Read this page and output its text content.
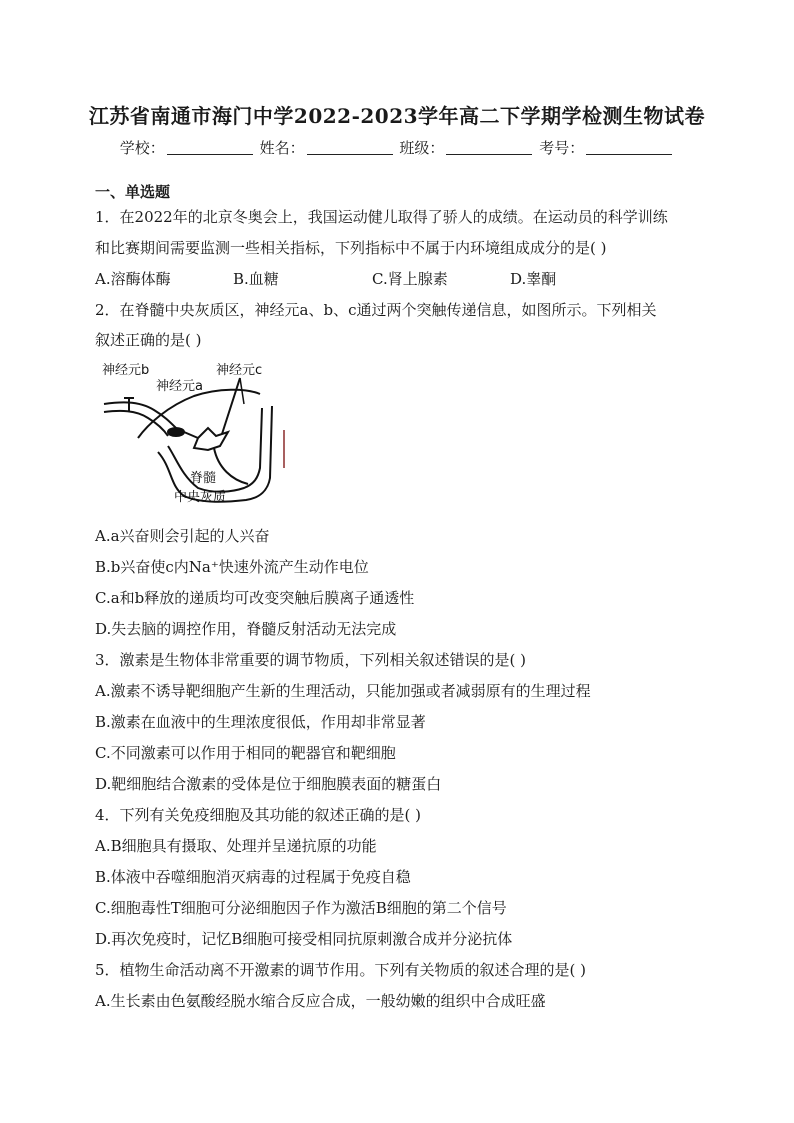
江苏省南通市海门中学2022-2023学年高二下学期学检测生物试卷
学校：	姓名：	班级：	考号：
一、单选题
1．在2022年的北京冬奥会上，我国运动健儿取得了骄人的成绩。在运动员的科学训练
和比赛期间需要监测一些相关指标，下列指标中不属于内环境组成成分的是( )
A.溶酶体酶	B.血糖	C.肾上腺素	D.睾酮
2．在脊髓中央灰质区，神经元a、b、c通过两个突触传递信息，如图所示。下列相关
叙述正确的是( )
神经元b
神经元a
神经元c
脊髓
中央灰质
A.a兴奋则会引起的人兴奋
B.b兴奋使c内Na⁺快速外流产生动作电位
C.a和b释放的递质均可改变突触后膜离子通透性
D.失去脑的调控作用，脊髓反射活动无法完成
3．激素是生物体非常重要的调节物质，下列相关叙述错误的是( )
A.激素不诱导靶细胞产生新的生理活动，只能加强或者减弱原有的生理过程
B.激素在血液中的生理浓度很低，作用却非常显著
C.不同激素可以作用于相同的靶器官和靶细胞
D.靶细胞结合激素的受体是位于细胞膜表面的糖蛋白
4．下列有关免疫细胞及其功能的叙述正确的是( )
A.B细胞具有摄取、处理并呈递抗原的功能
B.体液中吞噬细胞消灭病毒的过程属于免疫自稳
C.细胞毒性T细胞可分泌细胞因子作为激活B细胞的第二个信号
D.再次免疫时，记忆B细胞可接受相同抗原刺激合成并分泌抗体
5．植物生命活动离不开激素的调节作用。下列有关物质的叙述合理的是( )
A.生长素由色氨酸经脱水缩合反应合成，一般幼嫩的组织中合成旺盛
